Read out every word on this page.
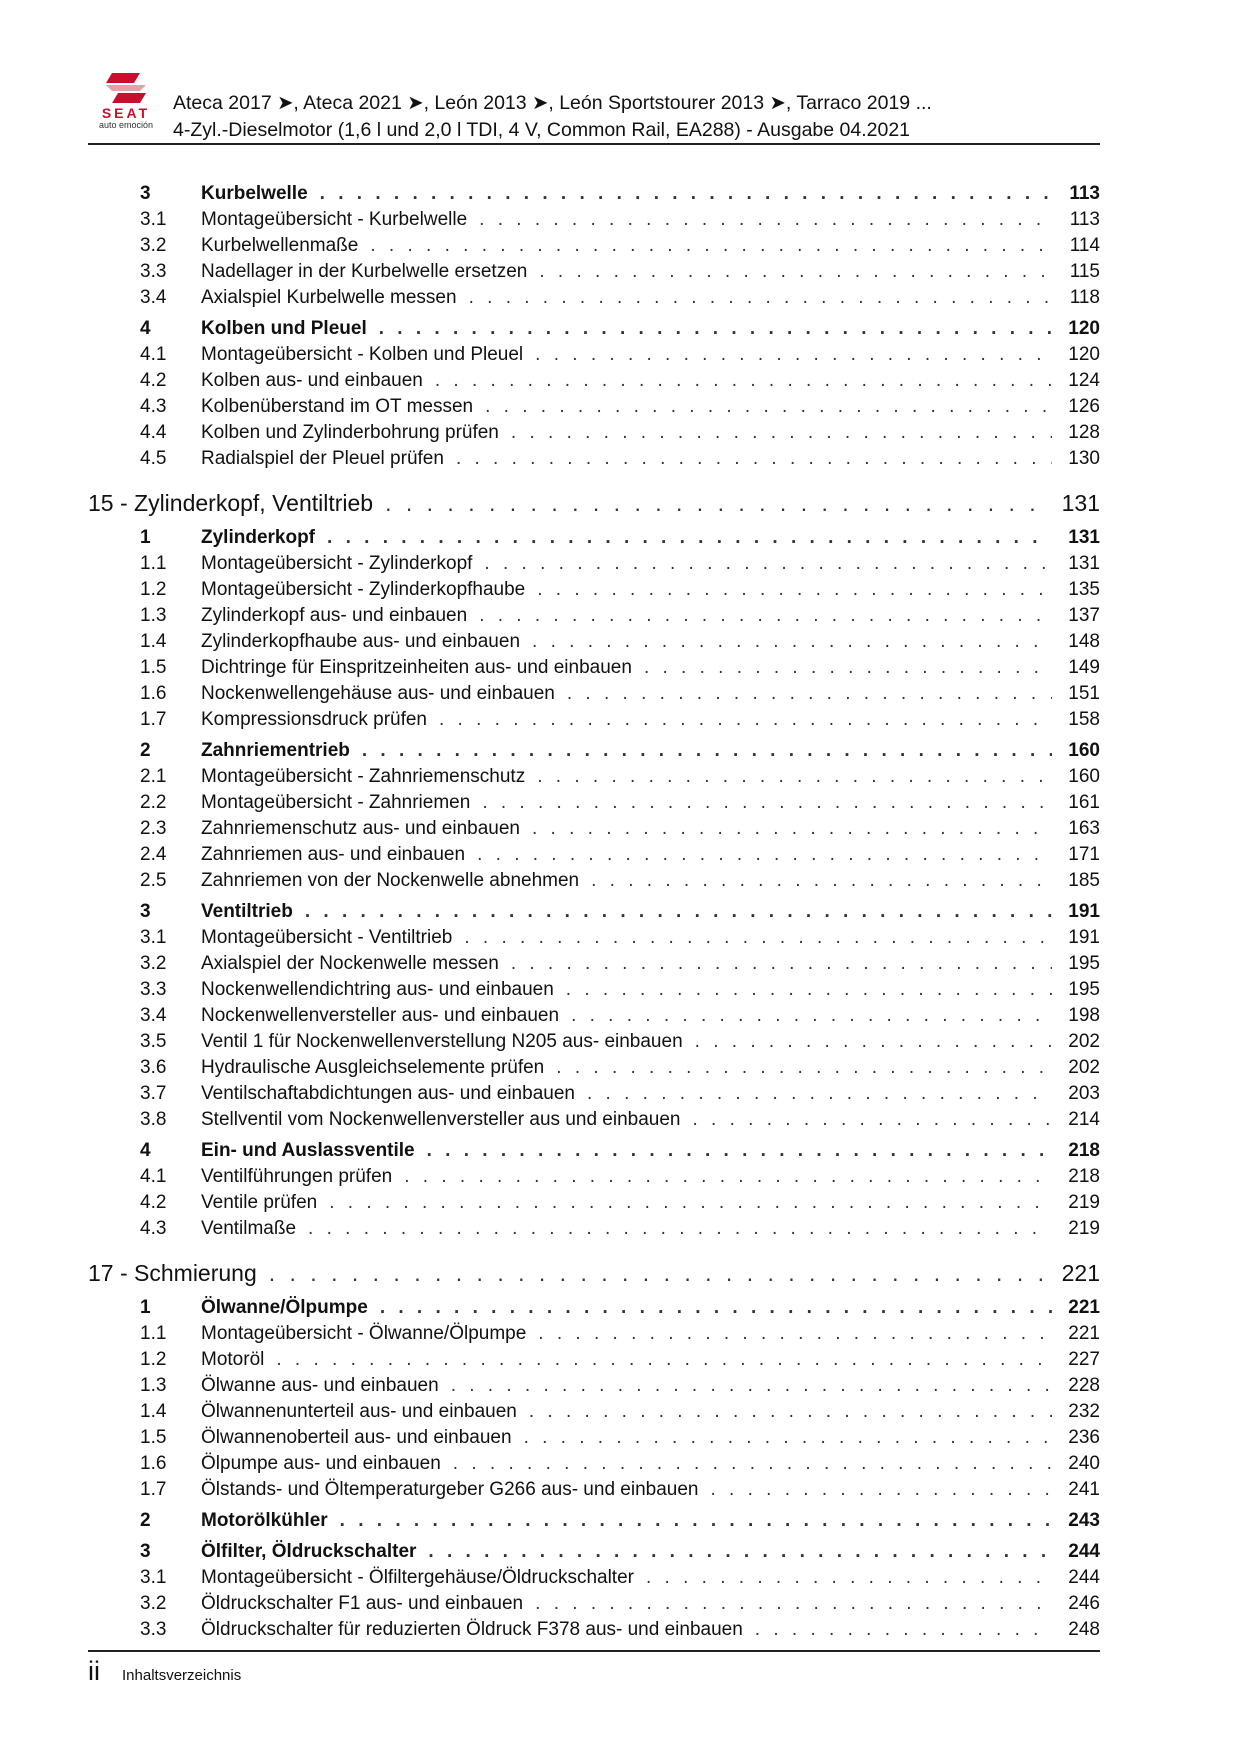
SEAT
auto emoción
Ateca 2017 ➤, Ateca 2021 ➤, León 2013 ➤, León Sportstourer 2013 ➤, Tarraco 2019 ...
4-Zyl.-Dieselmotor (1,6 l und 2,0 l TDI, 4 V, Common Rail, EA288) - Ausgabe 04.2021
3	Kurbelwelle . . .	113
3.1	Montageübersicht - Kurbelwelle . . .	113
3.2	Kurbelwellenmaße . . .	114
3.3	Nadellager in der Kurbelwelle ersetzen . . .	115
3.4	Axialspiel Kurbelwelle messen . . .	118
4	Kolben und Pleuel . . .	120
4.1	Montageübersicht - Kolben und Pleuel . . .	120
4.2	Kolben aus- und einbauen . . .	124
4.3	Kolbenüberstand im OT messen . . .	126
4.4	Kolben und Zylinderbohrung prüfen . . .	128
4.5	Radialspiel der Pleuel prüfen . . .	130
15 - Zylinderkopf, Ventiltrieb . . .	131
1	Zylinderkopf . . .	131
1.1	Montageübersicht - Zylinderkopf . . .	131
1.2	Montageübersicht - Zylinderkopfhaube . . .	135
1.3	Zylinderkopf aus- und einbauen . . .	137
1.4	Zylinderkopfhaube aus- und einbauen . . .	148
1.5	Dichtringe für Einspritzeinheiten aus- und einbauen . . .	149
1.6	Nockenwellengehäuse aus- und einbauen . . .	151
1.7	Kompressionsdruck prüfen . . .	158
2	Zahnriementrieb . . .	160
2.1	Montageübersicht - Zahnriemenschutz . . .	160
2.2	Montageübersicht - Zahnriemen . . .	161
2.3	Zahnriemenschutz aus- und einbauen . . .	163
2.4	Zahnriemen aus- und einbauen . . .	171
2.5	Zahnriemen von der Nockenwelle abnehmen . . .	185
3	Ventiltrieb . . .	191
3.1	Montageübersicht - Ventiltrieb . . .	191
3.2	Axialspiel der Nockenwelle messen . . .	195
3.3	Nockenwellendichtring aus- und einbauen . . .	195
3.4	Nockenwellenversteller aus- und einbauen . . .	198
3.5	Ventil 1 für Nockenwellenverstellung N205 aus- einbauen . . .	202
3.6	Hydraulische Ausgleichselemente prüfen . . .	202
3.7	Ventilschaftabdichtungen aus- und einbauen . . .	203
3.8	Stellventil vom Nockenwellenversteller aus und einbauen . . .	214
4	Ein- und Auslassventile . . .	218
4.1	Ventilführungen prüfen . . .	218
4.2	Ventile prüfen . . .	219
4.3	Ventilmaße . . .	219
17 - Schmierung . . .	221
1	Ölwanne/Ölpumpe . . .	221
1.1	Montageübersicht - Ölwanne/Ölpumpe . . .	221
1.2	Motoröl . . .	227
1.3	Ölwanne aus- und einbauen . . .	228
1.4	Ölwannenunterteil aus- und einbauen . . .	232
1.5	Ölwannenoberteil aus- und einbauen . . .	236
1.6	Ölpumpe aus- und einbauen . . .	240
1.7	Ölstands- und Öltemperaturgeber G266 aus- und einbauen . . .	241
2	Motorölkühler . . .	243
3	Ölfilter, Öldruckschalter . . .	244
3.1	Montageübersicht - Ölfiltergehäuse/Öldruckschalter . . .	244
3.2	Öldruckschalter F1 aus- und einbauen . . .	246
3.3	Öldruckschalter für reduzierten Öldruck F378 aus- und einbauen . . .	248
ii Inhaltsverzeichnis
